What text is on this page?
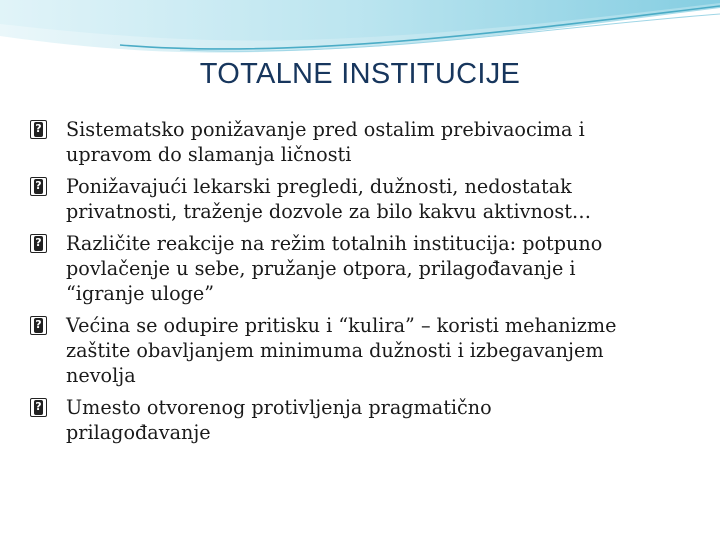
TOTALNE INSTITUCIJE
?
Sistematsko ponižavanje pred ostalim prebivaocima i
upravom do slamanja ličnosti
?
Ponižavajući lekarski pregledi, dužnosti, nedostatak
privatnosti, traženje dozvole za bilo kakvu aktivnost…
?
Različite reakcije na režim totalnih institucija: potpuno
povlačenje u sebe, pružanje otpora, prilagođavanje i
“igranje uloge”
?
Većina se odupire pritisku i “kulira” – koristi mehanizme
zaštite obavljanjem minimuma dužnosti i izbegavanjem
nevolja
?
Umesto otvorenog protivljenja pragmatično
prilagođavanje
